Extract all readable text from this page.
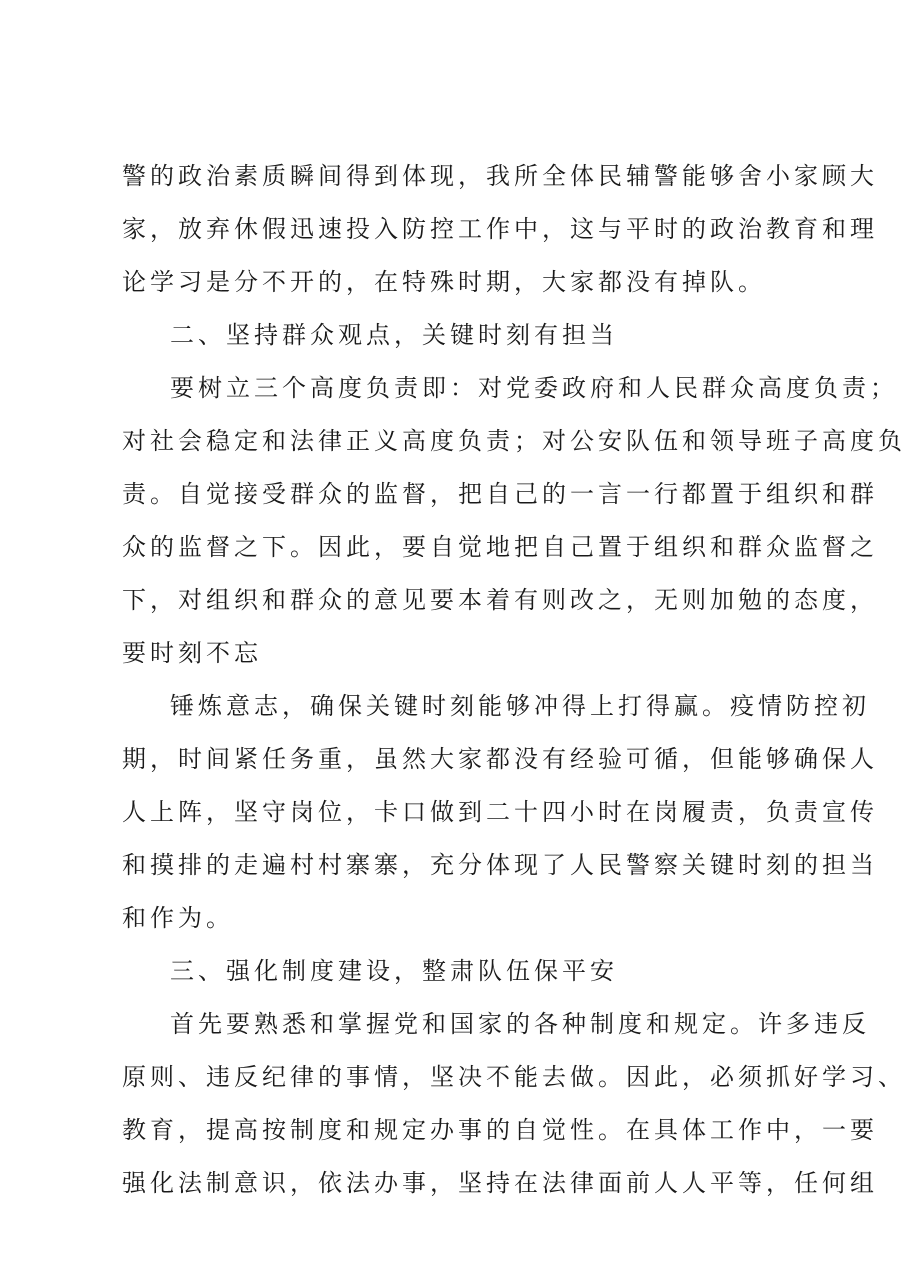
警的政治素质瞬间得到体现，我所全体民辅警能够舍小家顾大
家，放弃休假迅速投入防控工作中，这与平时的政治教育和理
论学习是分不开的，在特殊时期，大家都没有掉队。
二、坚持群众观点，关键时刻有担当
要树立三个高度负责即：对党委政府和人民群众高度负责；
对社会稳定和法律正义高度负责；对公安队伍和领导班子高度负
责。自觉接受群众的监督，把自己的一言一行都置于组织和群
众的监督之下。因此，要自觉地把自己置于组织和群众监督之
下，对组织和群众的意见要本着有则改之，无则加勉的态度，
要时刻不忘
锤炼意志，确保关键时刻能够冲得上打得赢。疫情防控初
期，时间紧任务重，虽然大家都没有经验可循，但能够确保人
人上阵，坚守岗位，卡口做到二十四小时在岗履责，负责宣传
和摸排的走遍村村寨寨，充分体现了人民警察关键时刻的担当
和作为。
三、强化制度建设，整肃队伍保平安
首先要熟悉和掌握党和国家的各种制度和规定。许多违反
原则、违反纪律的事情，坚决不能去做。因此，必须抓好学习、
教育，提高按制度和规定办事的自觉性。在具体工作中，一要
强化法制意识，依法办事，坚持在法律面前人人平等，任何组
